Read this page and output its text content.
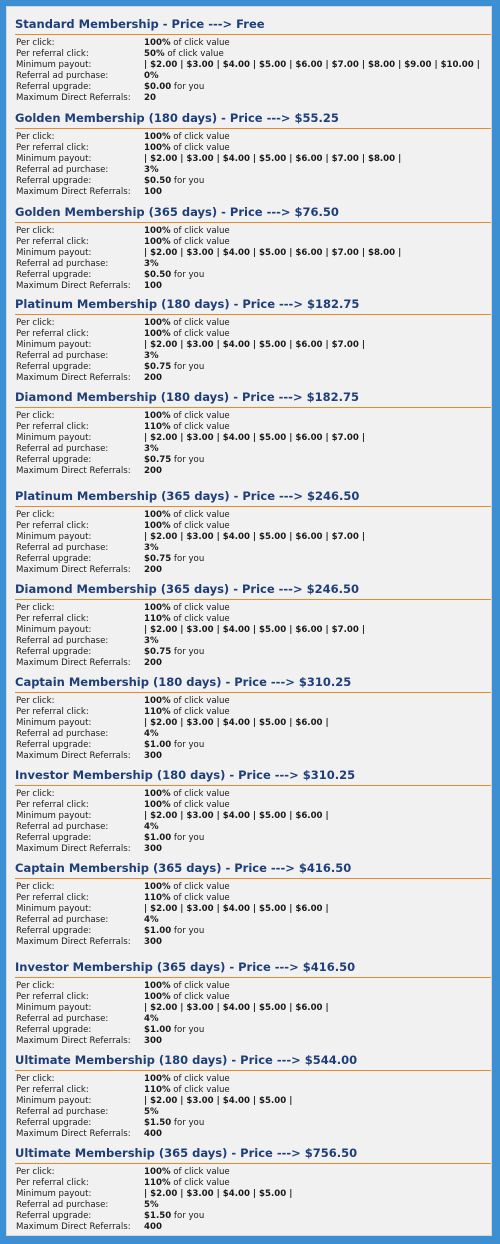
Standard Membership - Price ---> Free
Per click:	100% of click value
Per referral click:	50% of click value
Minimum payout:	| $2.00 | $3.00 | $4.00 | $5.00 | $6.00 | $7.00 | $8.00 | $9.00 | $10.00 |
Referral ad purchase:	0%
Referral upgrade:	$0.00 for you
Maximum Direct Referrals: 20
Golden Membership (180 days) - Price ---> $55.25
Per click:	100% of click value
Per referral click:	100% of click value
Minimum payout:	| $2.00 | $3.00 | $4.00 | $5.00 | $6.00 | $7.00 | $8.00 |
Referral ad purchase:	3%
Referral upgrade:	$0.50 for you
Maximum Direct Referrals: 100
Golden Membership (365 days) - Price ---> $76.50
Per click:	100% of click value
Per referral click:	100% of click value
Minimum payout:	| $2.00 | $3.00 | $4.00 | $5.00 | $6.00 | $7.00 | $8.00 |
Referral ad purchase:	3%
Referral upgrade:	$0.50 for you
Maximum Direct Referrals: 100
Platinum Membership (180 days) - Price ---> $182.75
Per click:	100% of click value
Per referral click:	100% of click value
Minimum payout:	| $2.00 | $3.00 | $4.00 | $5.00 | $6.00 | $7.00 |
Referral ad purchase:	3%
Referral upgrade:	$0.75 for you
Maximum Direct Referrals: 200
Diamond Membership (180 days) - Price ---> $182.75
Per click:	100% of click value
Per referral click:	110% of click value
Minimum payout:	| $2.00 | $3.00 | $4.00 | $5.00 | $6.00 | $7.00 |
Referral ad purchase:	3%
Referral upgrade:	$0.75 for you
Maximum Direct Referrals: 200
Platinum Membership (365 days) - Price ---> $246.50
Per click:	100% of click value
Per referral click:	100% of click value
Minimum payout:	| $2.00 | $3.00 | $4.00 | $5.00 | $6.00 | $7.00 |
Referral ad purchase:	3%
Referral upgrade:	$0.75 for you
Maximum Direct Referrals: 200
Diamond Membership (365 days) - Price ---> $246.50
Per click:	100% of click value
Per referral click:	110% of click value
Minimum payout:	| $2.00 | $3.00 | $4.00 | $5.00 | $6.00 | $7.00 |
Referral ad purchase:	3%
Referral upgrade:	$0.75 for you
Maximum Direct Referrals: 200
Captain Membership (180 days) - Price ---> $310.25
Per click:	100% of click value
Per referral click:	110% of click value
Minimum payout:	| $2.00 | $3.00 | $4.00 | $5.00 | $6.00 |
Referral ad purchase:	4%
Referral upgrade:	$1.00 for you
Maximum Direct Referrals: 300
Investor Membership (180 days) - Price ---> $310.25
Per click:	100% of click value
Per referral click:	100% of click value
Minimum payout:	| $2.00 | $3.00 | $4.00 | $5.00 | $6.00 |
Referral ad purchase:	4%
Referral upgrade:	$1.00 for you
Maximum Direct Referrals: 300
Captain Membership (365 days) - Price ---> $416.50
Per click:	100% of click value
Per referral click:	110% of click value
Minimum payout:	| $2.00 | $3.00 | $4.00 | $5.00 | $6.00 |
Referral ad purchase:	4%
Referral upgrade:	$1.00 for you
Maximum Direct Referrals: 300
Investor Membership (365 days) - Price ---> $416.50
Per click:	100% of click value
Per referral click:	100% of click value
Minimum payout:	| $2.00 | $3.00 | $4.00 | $5.00 | $6.00 |
Referral ad purchase:	4%
Referral upgrade:	$1.00 for you
Maximum Direct Referrals: 300
Ultimate Membership (180 days) - Price ---> $544.00
Per click:	100% of click value
Per referral click:	110% of click value
Minimum payout:	| $2.00 | $3.00 | $4.00 | $5.00 |
Referral ad purchase:	5%
Referral upgrade:	$1.50 for you
Maximum Direct Referrals: 400
Ultimate Membership (365 days) - Price ---> $756.50
Per click:	100% of click value
Per referral click:	110% of click value
Minimum payout:	| $2.00 | $3.00 | $4.00 | $5.00 |
Referral ad purchase:	5%
Referral upgrade:	$1.50 for you
Maximum Direct Referrals: 400
